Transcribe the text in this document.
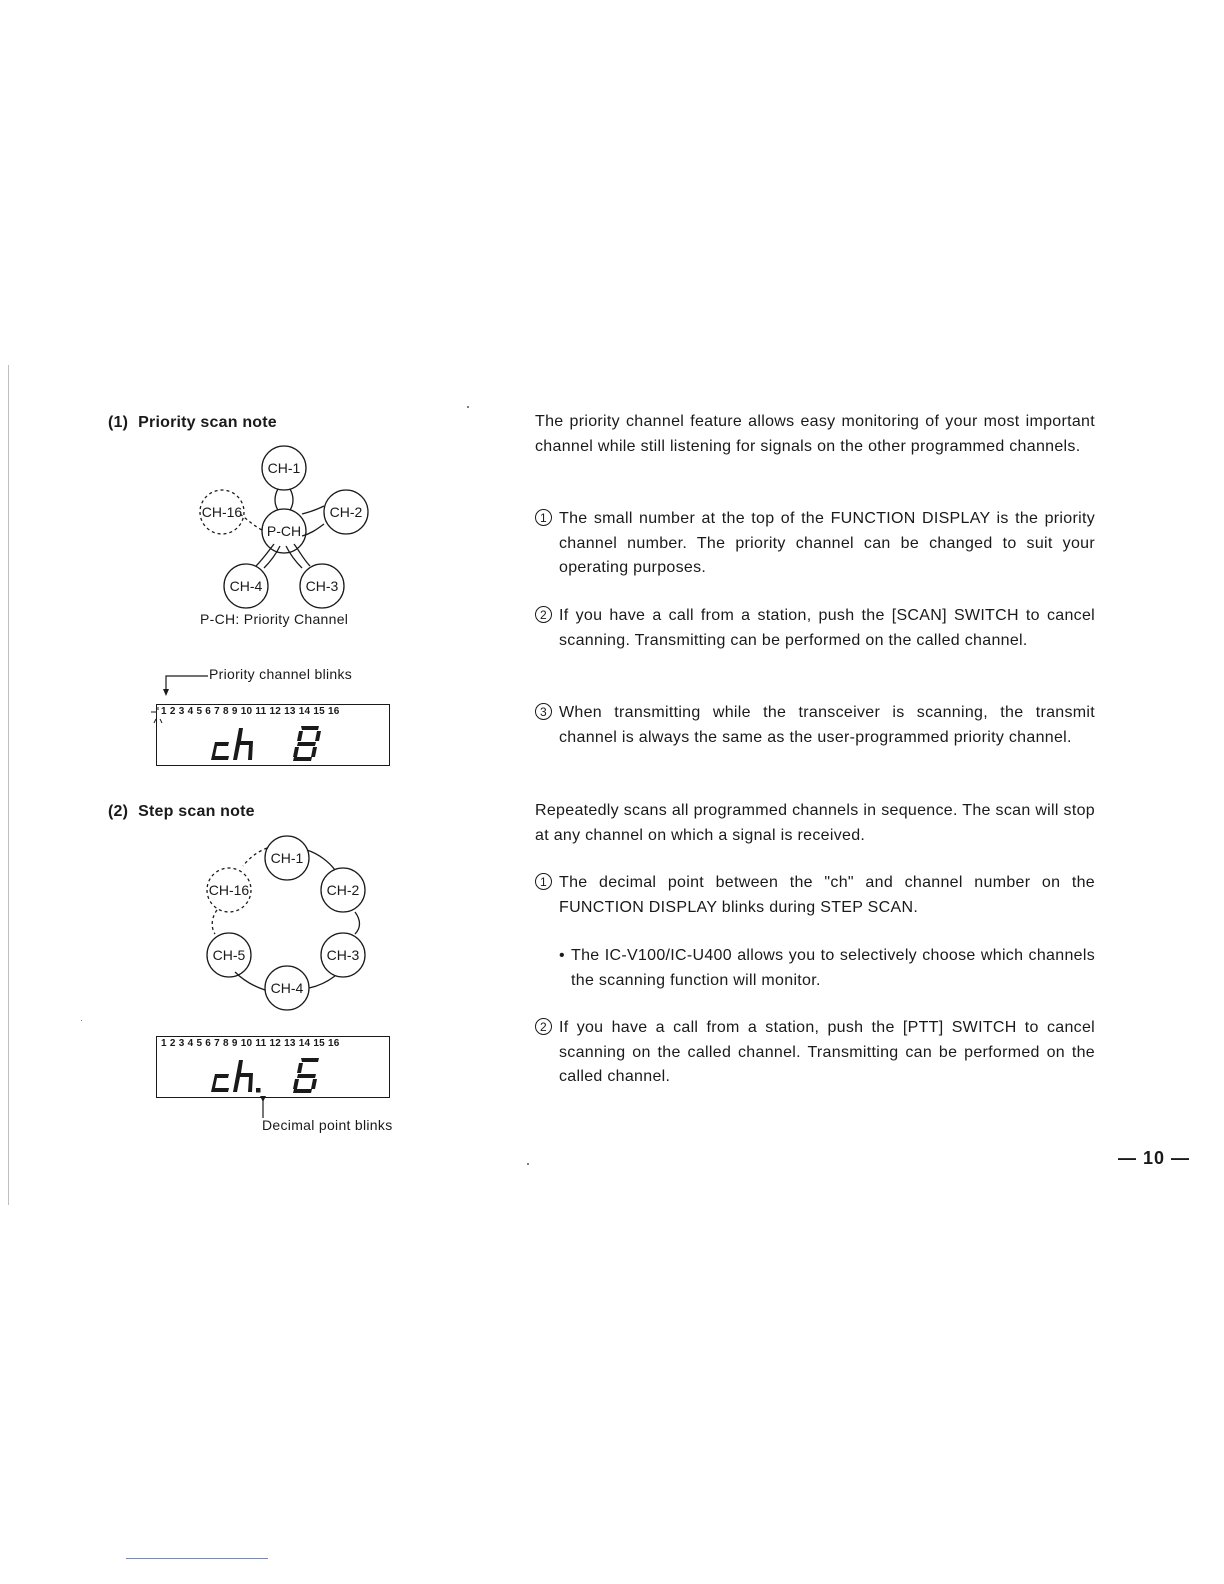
(1) Priority scan note
CH-1
P-CH
CH-2
CH-3
CH-4
CH-16
P-CH: Priority Channel
Priority channel blinks
1 2 3 4 5 6 7 8 9 10 11 12 13 14 15 16
ch 8
(2) Step scan note
CH-1
CH-2
CH-3
CH-4
CH-5
CH-16
1 2 3 4 5 6 7 8 9 10 11 12 13 14 15 16
ch. 6
Decimal point blinks
The priority channel feature allows easy monitoring of your most important channel while still listening for signals on the other programmed channels.
1 The small number at the top of the FUNCTION DISPLAY is the priority channel number. The priority channel can be changed to suit your operating purposes.
2 If you have a call from a station, push the [SCAN] SWITCH to cancel scanning. Transmitting can be performed on the called channel.
3 When transmitting while the transceiver is scanning, the transmit channel is always the same as the user-programmed priority channel.
Repeatedly scans all programmed channels in sequence. The scan will stop at any channel on which a signal is received.
1 The decimal point between the "ch" and channel number on the FUNCTION DISPLAY blinks during STEP SCAN.
• The IC-V100/IC-U400 allows you to selectively choose which channels the scanning function will monitor.
2 If you have a call from a station, push the [PTT] SWITCH to cancel scanning on the called channel. Transmitting can be performed on the called channel.
— 10 —
